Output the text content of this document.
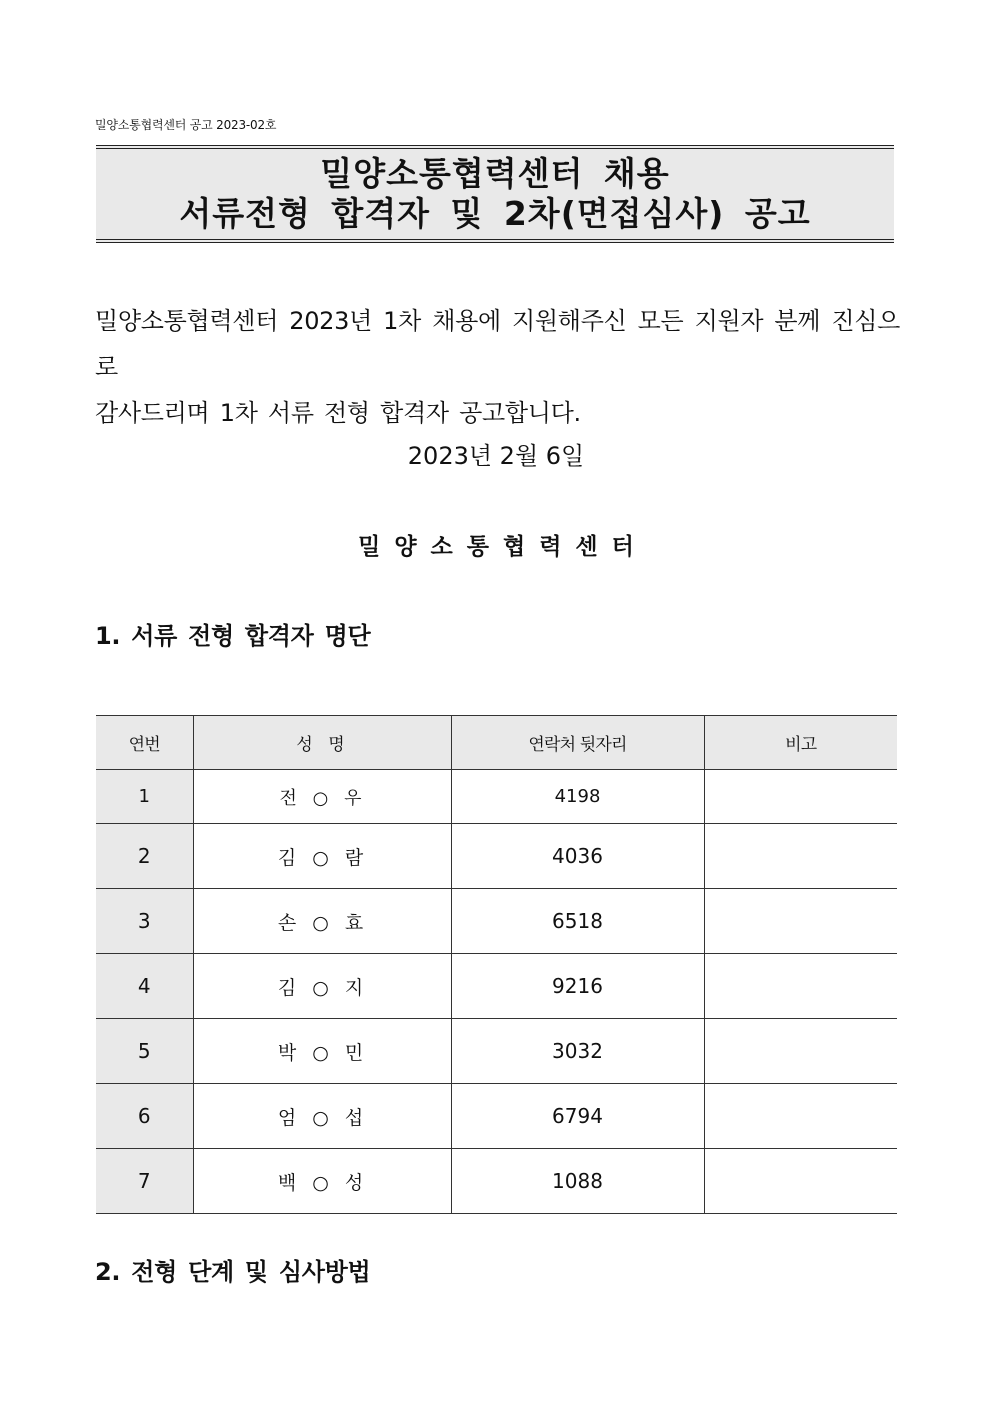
밀양소통협력센터 공고 2023-02호
밀양소통협력센터 채용
서류전형 합격자 및 2차(면접심사) 공고
밀양소통협력센터 2023년 1차 채용에 지원해주신 모든 지원자 분께 진심으로
감사드리며 1차 서류 전형 합격자 공고합니다.
2023년 2월 6일
밀양소통협력센터
1. 서류 전형 합격자 명단
연번	성 명	연락처 뒷자리	비고
1	전 ○ 우	4198	
2	김 ○ 람	4036	
3	손 ○ 효	6518	
4	김 ○ 지	9216	
5	박 ○ 민	3032	
6	엄 ○ 섭	6794	
7	백 ○ 성	1088	
2. 전형 단계 및 심사방법
